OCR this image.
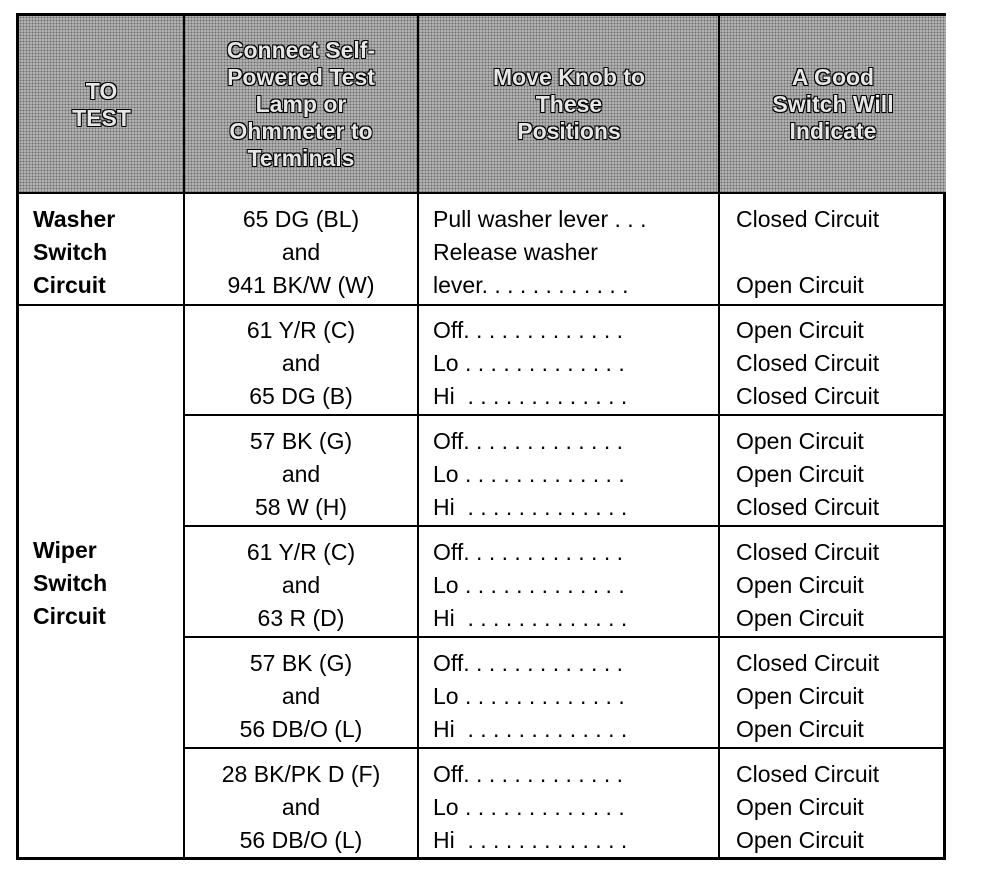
TO TEST
Connect Self-Powered Test Lamp or Ohmmeter to Terminals
Move Knob to These Positions
A Good Switch Will Indicate
Washer
Switch
Circuit
65 DG (BL)
and
941 BK/W (W)
Pull washer lever . . .
Release washer
lever. . . . . . . . . . . .
Closed Circuit
Open Circuit
Wiper
Switch
Circuit
61 Y/R (C)
and
65 DG (B)
Off. . . . . . . . . . . . .
Lo . . . . . . . . . . . . .
Hi  . . . . . . . . . . . . .
Open Circuit
Closed Circuit
Closed Circuit
57 BK (G)
and
58 W (H)
Off. . . . . . . . . . . . .
Lo . . . . . . . . . . . . .
Hi  . . . . . . . . . . . . .
Open Circuit
Open Circuit
Closed Circuit
61 Y/R (C)
and
63 R (D)
Off. . . . . . . . . . . . .
Lo . . . . . . . . . . . . .
Hi  . . . . . . . . . . . . .
Closed Circuit
Open Circuit
Open Circuit
57 BK (G)
and
56 DB/O (L)
Off. . . . . . . . . . . . .
Lo . . . . . . . . . . . . .
Hi  . . . . . . . . . . . . .
Closed Circuit
Open Circuit
Open Circuit
28 BK/PK D (F)
and
56 DB/O (L)
Off. . . . . . . . . . . . .
Lo . . . . . . . . . . . . .
Hi  . . . . . . . . . . . . .
Closed Circuit
Open Circuit
Open Circuit
